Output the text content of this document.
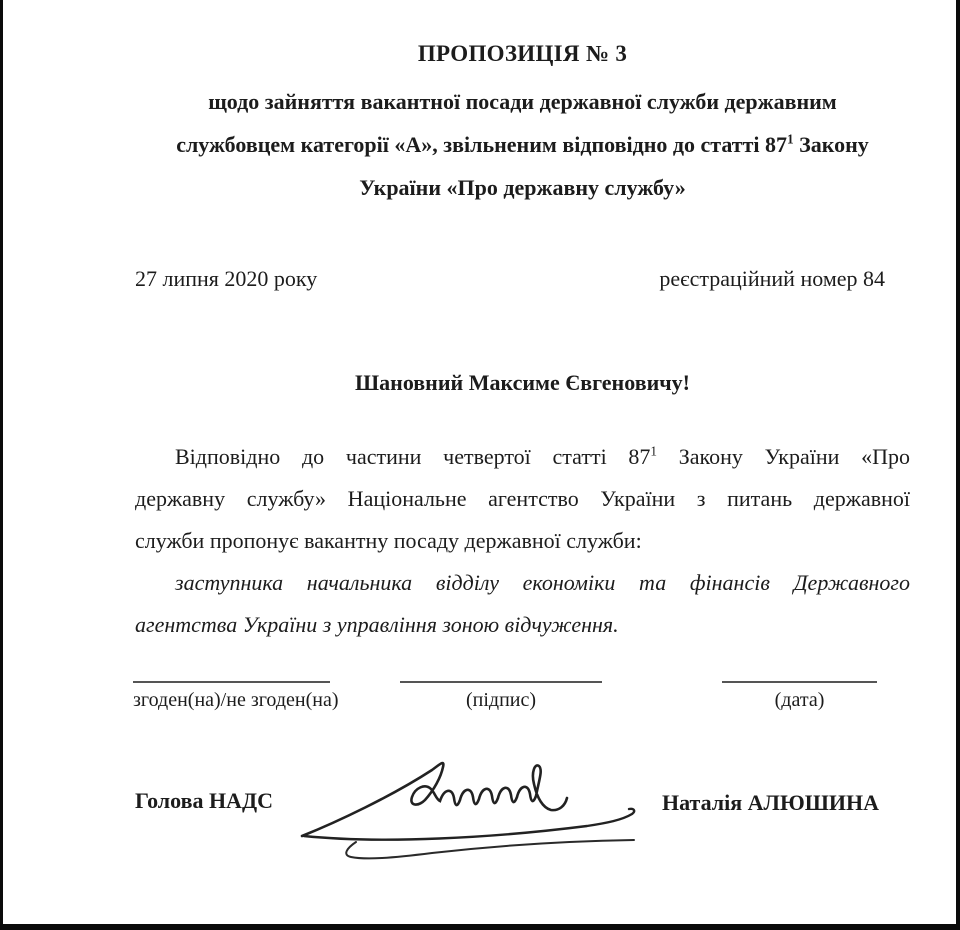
ПРОПОЗИЦІЯ № 3
щодо зайняття вакантної посади державної служби державним
службовцем категорії «А», звільненим відповідно до статті $87^1$ Закону
України «Про державну службу»
27 липня 2020 року	реєстраційний номер 84
Шановний Максиме Євгеновичу!
Відповідно до частини четвертої статті $87^1$ Закону України «Про
державну службу» Національне агентство України з питань державної
служби пропонує вакантну посаду державної служби:
заступника начальника відділу економіки та фінансів Державного
агентства України з управління зоною відчуження.
згоден(на)/не згоден(на)	(підпис)	(дата)
Голова НАДС	Наталія АЛЮШИНА
